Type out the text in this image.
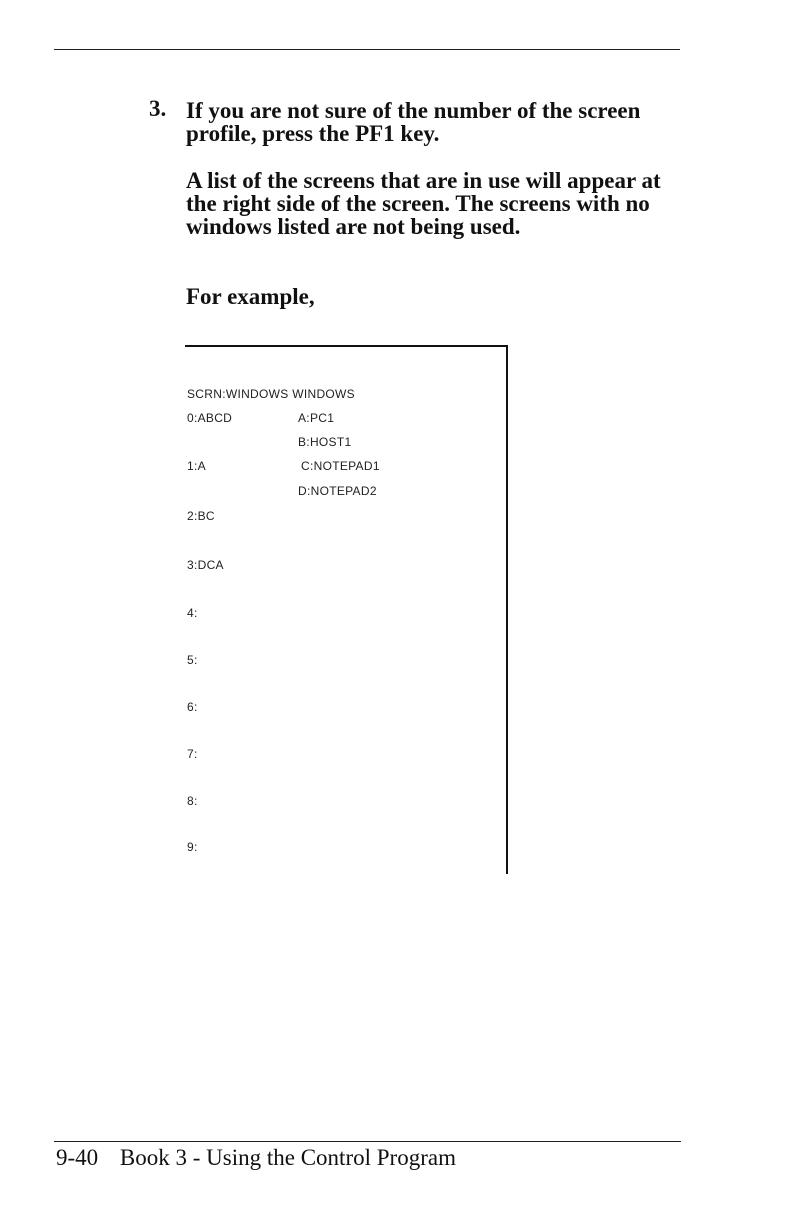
3. If you are not sure of the number of the screen profile, press the PF1 key.

A list of the screens that are in use will appear at the right side of the screen. The screens with no windows listed are not being used.

For example,

SCRN:WINDOWS WINDOWS
0:ABCD	A:PC1
B:HOST1
1:A	C:NOTEPAD1
D:NOTEPAD2
2:BC
3:DCA
4:
5:
6:
7:
8:
9:
9-40 Book 3 - Using the Control Program
